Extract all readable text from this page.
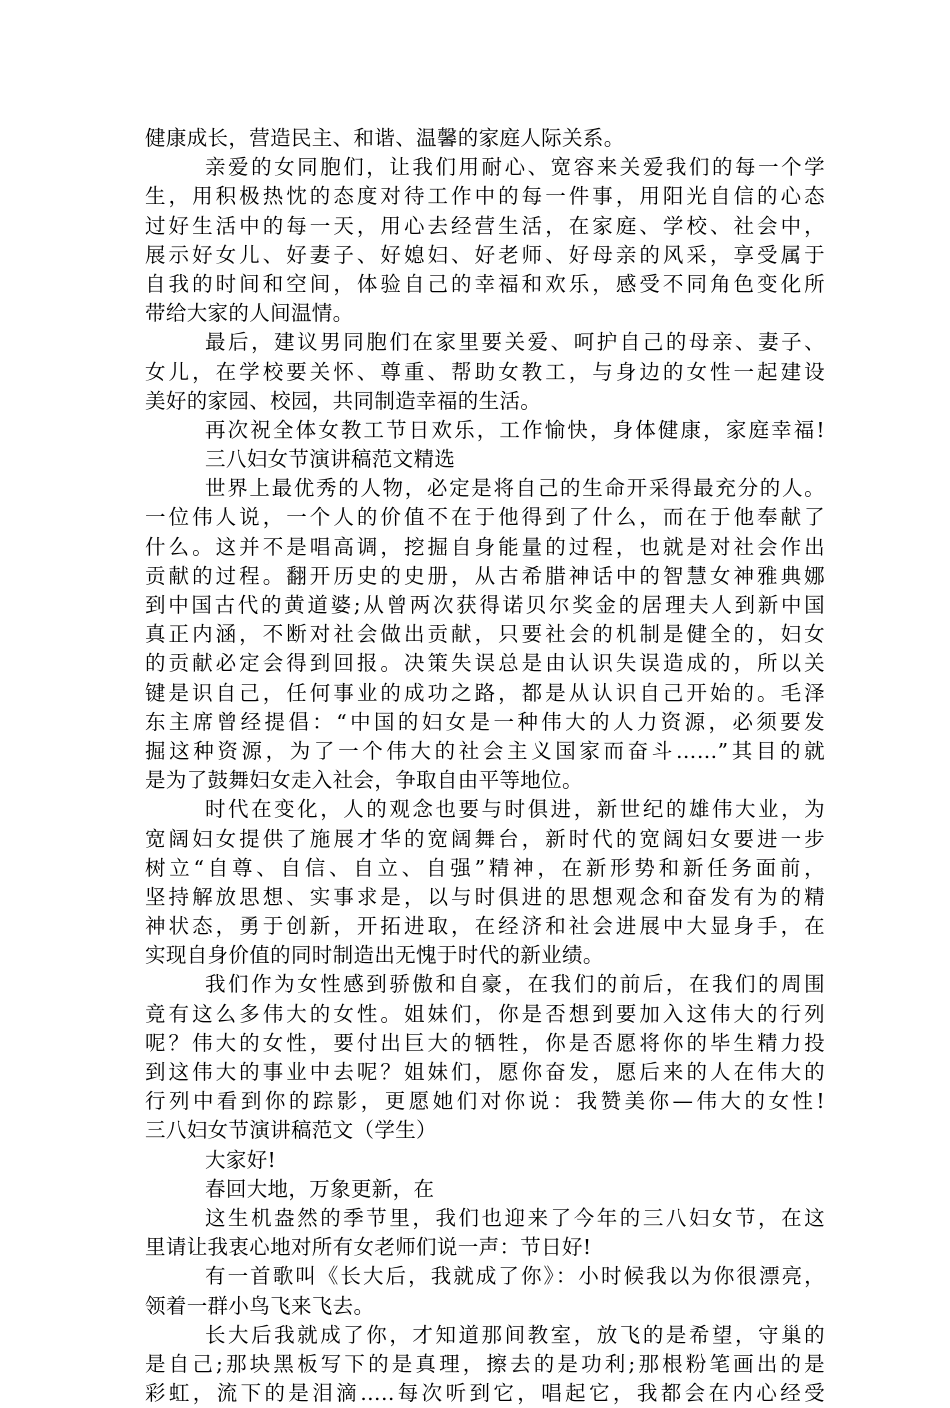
健康成长，营造民主、和谐、温馨的家庭人际关系。
亲爱的女同胞们，让我们用耐心、宽容来关爱我们的每一个学
生，用积极热忱的态度对待工作中的每一件事，用阳光自信的心态
过好生活中的每一天，用心去经营生活，在家庭、学校、社会中，
展示好女儿、好妻子、好媳妇、好老师、好母亲的风采，享受属于
自我的时间和空间，体验自己的幸福和欢乐，感受不同角色变化所
带给大家的人间温情。
最后，建议男同胞们在家里要关爱、呵护自己的母亲、妻子、
女儿，在学校要关怀、尊重、帮助女教工，与身边的女性一起建设
美好的家园、校园，共同制造幸福的生活。
再次祝全体女教工节日欢乐，工作愉快，身体健康，家庭幸福!
三八妇女节演讲稿范文精选
世界上最优秀的人物，必定是将自己的生命开采得最充分的人。
一位伟人说，一个人的价值不在于他得到了什么，而在于他奉献了
什么。这并不是唱高调，挖掘自身能量的过程，也就是对社会作出
贡献的过程。翻开历史的史册，从古希腊神话中的智慧女神雅典娜
到中国古代的黄道婆;从曾两次获得诺贝尔奖金的居理夫人到新中国
真正内涵，不断对社会做出贡献，只要社会的机制是健全的，妇女
的贡献必定会得到回报。决策失误总是由认识失误造成的，所以关
键是识自己，任何事业的成功之路，都是从认识自己开始的。毛泽
东主席曾经提倡：“中国的妇女是一种伟大的人力资源，必须要发
掘这种资源，为了一个伟大的社会主义国家而奋斗……”其目的就
是为了鼓舞妇女走入社会，争取自由平等地位。
时代在变化，人的观念也要与时俱进，新世纪的雄伟大业，为
宽阔妇女提供了施展才华的宽阔舞台，新时代的宽阔妇女要进一步
树立“自尊、自信、自立、自强”精神，在新形势和新任务面前，
坚持解放思想、实事求是，以与时俱进的思想观念和奋发有为的精
神状态，勇于创新，开拓进取，在经济和社会进展中大显身手，在
实现自身价值的同时制造出无愧于时代的新业绩。
我们作为女性感到骄傲和自豪，在我们的前后，在我们的周围
竟有这么多伟大的女性。姐妹们，你是否想到要加入这伟大的行列
呢？伟大的女性，要付出巨大的牺牲，你是否愿将你的毕生精力投
到这伟大的事业中去呢？姐妹们，愿你奋发，愿后来的人在伟大的
行列中看到你的踪影，更愿她们对你说：我赞美你—伟大的女性!
三八妇女节演讲稿范文（学生）
大家好!
春回大地，万象更新，在
这生机盎然的季节里，我们也迎来了今年的三八妇女节，在这
里请让我衷心地对所有女老师们说一声：节日好!
有一首歌叫《长大后，我就成了你》：小时候我以为你很漂亮，
领着一群小鸟飞来飞去。
长大后我就成了你，才知道那间教室，放飞的是希望，守巢的
是自己;那块黑板写下的是真理，擦去的是功利;那根粉笔画出的是
彩虹，流下的是泪滴…..每次听到它，唱起它，我都会在内心经受
